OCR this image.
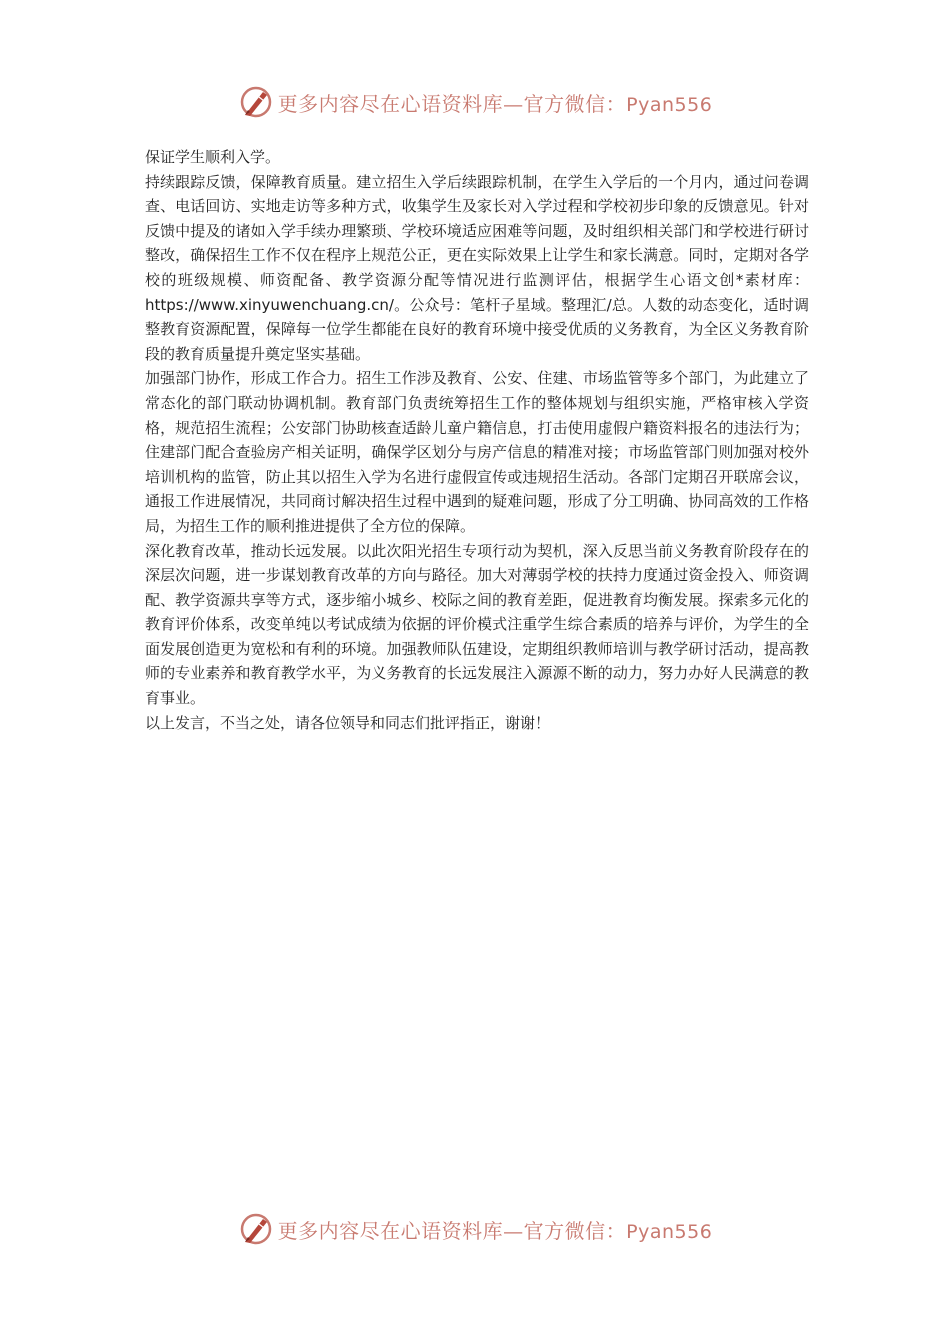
更多内容尽在心语资料库—官方微信：Pyan556

保证学生顺利入学。

持续跟踪反馈，保障教育质量。建立招生入学后续跟踪机制，在学生入学后的一个月内，通过问卷调查、电话回访、实地走访等多种方式，收集学生及家长对入学过程和学校初步印象的反馈意见。针对反馈中提及的诸如入学手续办理繁琐、学校环境适应困难等问题，及时组织相关部门和学校进行研讨整改，确保招生工作不仅在程序上规范公正，更在实际效果上让学生和家长满意。同时，定期对各学校的班级规模、师资配备、教学资源分配等情况进行监测评估，根据学生心语文创*素材库：https://www.xinyuwenchuang.cn/。公众号：笔杆子星域。整理汇/总。人数的动态变化，适时调整教育资源配置，保障每一位学生都能在良好的教育环境中接受优质的义务教育，为全区义务教育阶段的教育质量提升奠定坚实基础。

加强部门协作，形成工作合力。招生工作涉及教育、公安、住建、市场监管等多个部门，为此建立了常态化的部门联动协调机制。教育部门负责统筹招生工作的整体规划与组织实施，严格审核入学资格，规范招生流程；公安部门协助核查适龄儿童户籍信息，打击使用虚假户籍资料报名的违法行为；住建部门配合查验房产相关证明，确保学区划分与房产信息的精准对接；市场监管部门则加强对校外培训机构的监管，防止其以招生入学为名进行虚假宣传或违规招生活动。各部门定期召开联席会议，通报工作进展情况，共同商讨解决招生过程中遇到的疑难问题，形成了分工明确、协同高效的工作格局，为招生工作的顺利推进提供了全方位的保障。

深化教育改革，推动长远发展。以此次阳光招生专项行动为契机，深入反思当前义务教育阶段存在的深层次问题，进一步谋划教育改革的方向与路径。加大对薄弱学校的扶持力度通过资金投入、师资调配、教学资源共享等方式，逐步缩小城乡、校际之间的教育差距，促进教育均衡发展。探索多元化的教育评价体系，改变单纯以考试成绩为依据的评价模式注重学生综合素质的培养与评价，为学生的全面发展创造更为宽松和有利的环境。加强教师队伍建设，定期组织教师培训与教学研讨活动，提高教师的专业素养和教育教学水平，为义务教育的长远发展注入源源不断的动力，努力办好人民满意的教育事业。

以上发言，不当之处，请各位领导和同志们批评指正，谢谢！

更多内容尽在心语资料库—官方微信：Pyan556
